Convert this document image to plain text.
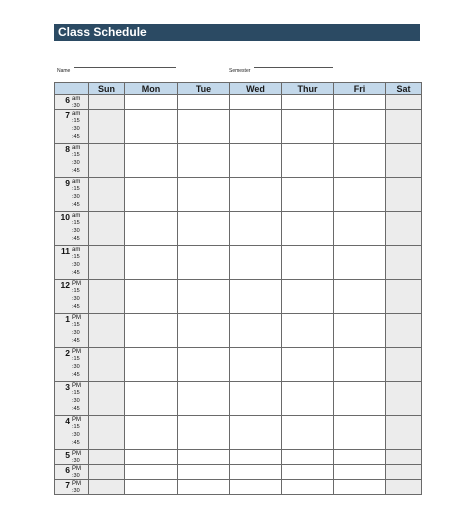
Class Schedule
Name	Semester
	Sun	Mon	Tue	Wed	Thur	Fri	Sat

6 am
:30							

7 am
:15
:30
:45							

8 am
:15
:30
:45							

9 am
:15
:30
:45							

10 am
:15
:30
:45							

11 am
:15
:30
:45							

12 PM
:15
:30
:45							

1 PM
:15
:30
:45							

2 PM
:15
:30
:45							

3 PM
:15
:30
:45							

4 PM
:15
:30
:45							

5 PM
:30							

6 PM
:30							

7 PM
:30							
